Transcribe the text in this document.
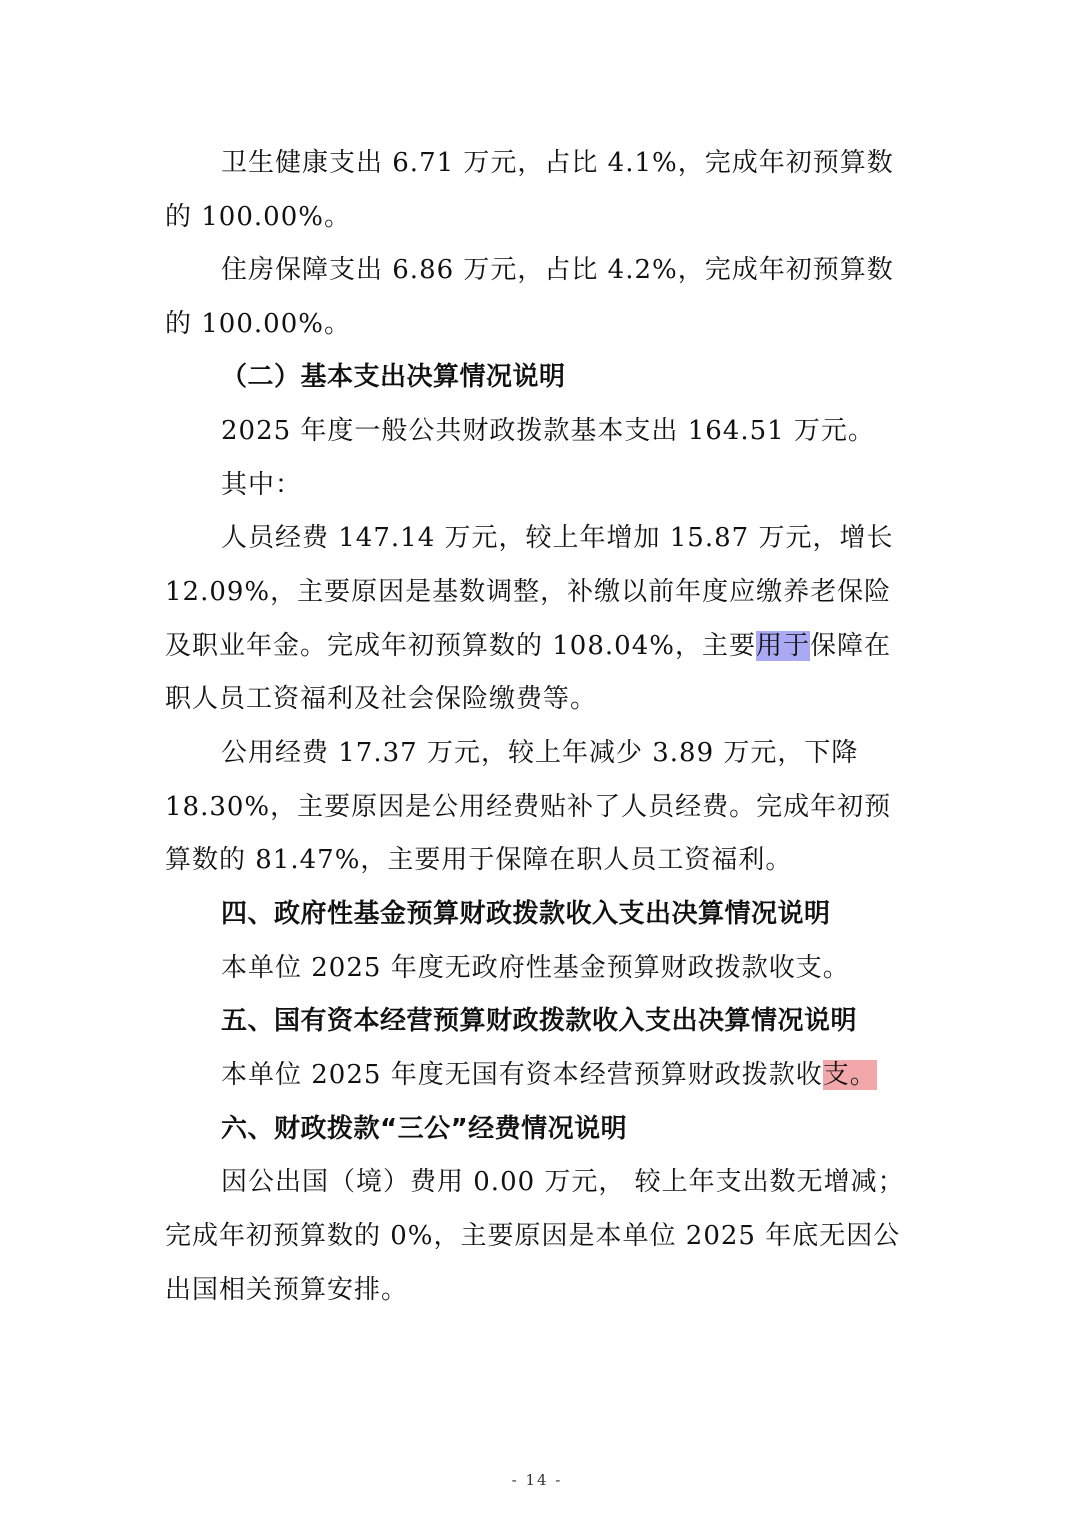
卫生健康支出 6.71 万元，占比 4.1%，完成年初预算数

的 100.00%。

住房保障支出 6.86 万元，占比 4.2%，完成年初预算数

的 100.00%。

（二）基本支出决算情况说明

2025 年度一般公共财政拨款基本支出 164.51 万元。

其中：

人员经费 147.14 万元，较上年增加 15.87 万元，增长

12.09%，主要原因是基数调整，补缴以前年度应缴养老保险

及职业年金。完成年初预算数的 108.04%，主要用于保障在

职人员工资福利及社会保险缴费等。

公用经费 17.37 万元，较上年减少 3.89 万元，下降

18.30%，主要原因是公用经费贴补了人员经费。完成年初预

算数的 81.47%，主要用于保障在职人员工资福利。

四、政府性基金预算财政拨款收入支出决算情况说明

本单位 2025 年度无政府性基金预算财政拨款收支。

五、国有资本经营预算财政拨款收入支出决算情况说明

本单位 2025 年度无国有资本经营预算财政拨款收支。

六、财政拨款“三公”经费情况说明

因公出国（境）费用 0.00 万元， 较上年支出数无增减；

完成年初预算数的 0%，主要原因是本单位 2025 年底无因公

出国相关预算安排。

- 14 -
